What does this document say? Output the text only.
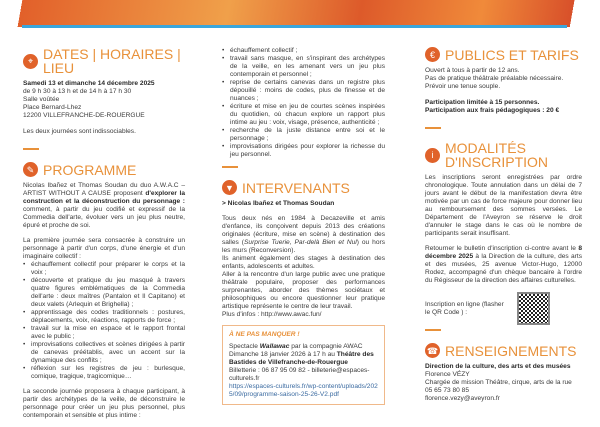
⌖ DATES | HORAIRES | LIEU
Samedi 13 et dimanche 14 décembre 2025
de 9 h 30 à 13 h et de 14 h à 17 h 30
Salle voûtée
Place Bernard-Lhez
12200 VILLEFRANCHE-DE-ROUERGUE
Les deux journées sont indissociables.
✎ PROGRAMME

Nicolas Ibañez et Thomas Soudan du duo A.W.A.C – ARTIST WITHOUT A CAUSE proposent d'explorer la construction et la déconstruction du personnage : comment, à partir du jeu codifié et expressif de la Commedia dell'arte, évoluer vers un jeu plus neutre, épuré et proche de soi.

La première journée sera consacrée à construire un personnage à partir d'un corps, d'une énergie et d'un imaginaire collectif :
• échauffement collectif pour préparer le corps et la voix ;
• découverte et pratique du jeu masqué à travers quatre figures emblématiques de la Commedia dell'arte : deux maîtres (Pantalon et Il Capitano) et deux valets (Arlequin et Brighella) ;
• apprentissage des codes traditionnels : postures, déplacements, voix, réactions, rapports de force ;
• travail sur la mise en espace et le rapport frontal avec le public ;
• improvisations collectives et scènes dirigées à partir de canevas préétablis, avec un accent sur la dynamique des conflits ;
• réflexion sur les registres de jeu : burlesque, comique, tragique, tragicomique…

La seconde journée proposera à chaque participant, à partir des archétypes de la veille, de déconstruire le personnage pour créer un jeu plus personnel, plus contemporain et sensible et plus intime :

• échauffement collectif ;
• travail sans masque, en s'inspirant des archétypes de la veille, en les amenant vers un jeu plus contemporain et personnel ;
• reprise de certains canevas dans un registre plus dépouillé : moins de codes, plus de finesse et de nuances ;
• écriture et mise en jeu de courtes scènes inspirées du quotidien, où chacun explore un rapport plus intime au jeu : voix, visage, présence, authenticité ;
• recherche de la juste distance entre soi et le personnage ;
• improvisations dirigées pour explorer la richesse du jeu personnel.
▼ INTERVENANTS

> Nicolas Ibañez et Thomas Soudan

Tous deux nés en 1984 à Decazeville et amis d'enfance, ils conçoivent depuis 2013 des créations originales (écriture, mise en scène) à destination des salles (Surprise Tuerie, Par-delà Bien et Nul) ou hors les murs (Reconversion).
Ils animent également des stages à destination des enfants, adolescents et adultes.
Aller à la rencontre d'un large public avec une pratique théâtrale populaire, proposer des performances surprenantes, aborder des thèmes sociétaux et philosophiques ou encore questionner leur pratique artistique représente le centre de leur travail.
Plus d'infos : http://www.awac.fun/
À NE PAS MANQUER !
Spectacle Wallawac par la compagnie AWAC
Dimanche 18 janvier 2026 à 17 h au Théâtre des Bastides de Villefranche-de-Rouergue
Billetterie : 06 87 95 09 82 - billeterie@espaces-culturels.fr
https://espaces-culturels.fr/wp-content/uploads/2025/09/programme-saison-25-26-V2.pdf
€ PUBLICS ET TARIFS
Ouvert à tous à partir de 12 ans.
Pas de pratique théâtrale préalable nécessaire.
Prévoir une tenue souple.
Participation limitée à 15 personnes.
Participation aux frais pédagogiques : 20 €
i MODALITÉS
D'INSCRIPTION

Les inscriptions seront enregistrées par ordre chronologique. Toute annulation dans un délai de 7 jours avant le début de la manifestation devra être motivée par un cas de force majeure pour donner lieu au remboursement des sommes versées. Le Département de l'Aveyron se réserve le droit d'annuler le stage dans le cas où le nombre de participants serait insuffisant.

Retourner le bulletin d'inscription ci-contre avant le 8 décembre 2025 à la Direction de la culture, des arts et des musées, 25 avenue Victor-Hugo, 12000 Rodez, accompagné d'un chèque bancaire à l'ordre du Régisseur de la direction des affaires culturelles.

Inscription en ligne (flasher le QR Code ) :
☎ RENSEIGNEMENTS
Direction de la culture, des arts et des musées
Florence VÉZY
Chargée de mission Théâtre, cirque, arts de la rue
05 65 73 80 85
florence.vezy@aveyron.fr
